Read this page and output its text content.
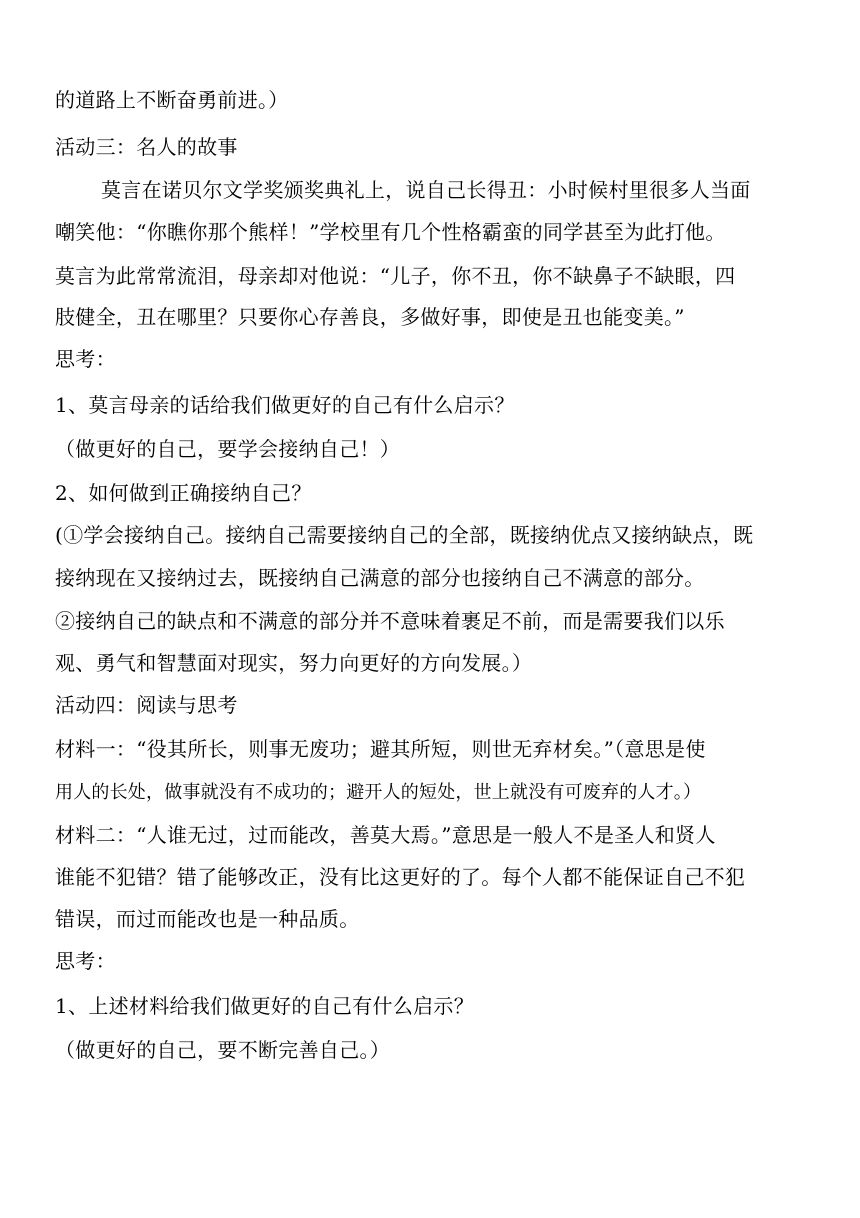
的道路上不断奋勇前进。）
活动三：名人的故事
莫言在诺贝尔文学奖颁奖典礼上，说自己长得丑：小时候村里很多人当面
嘲笑他：“你瞧你那个熊样！”学校里有几个性格霸蛮的同学甚至为此打他。
莫言为此常常流泪，母亲却对他说：“儿子，你不丑，你不缺鼻子不缺眼，四
肢健全，丑在哪里？只要你心存善良，多做好事，即使是丑也能变美。”
思考：
1、莫言母亲的话给我们做更好的自己有什么启示？
（做更好的自己，要学会接纳自己！）
2、如何做到正确接纳自己？
(①学会接纳自己。接纳自己需要接纳自己的全部，既接纳优点又接纳缺点，既
接纳现在又接纳过去，既接纳自己满意的部分也接纳自己不满意的部分。
②接纳自己的缺点和不满意的部分并不意味着裹足不前，而是需要我们以乐
观、勇气和智慧面对现实，努力向更好的方向发展。）
活动四：阅读与思考
材料一：“役其所长，则事无废功；避其所短，则世无弃材矣。”（意思是使
用人的长处，做事就没有不成功的；避开人的短处，世上就没有可废弃的人才。）
材料二：“人谁无过，过而能改，善莫大焉。”意思是一般人不是圣人和贤人
谁能不犯错？错了能够改正，没有比这更好的了。每个人都不能保证自己不犯
错误，而过而能改也是一种品质。
思考：
1、上述材料给我们做更好的自己有什么启示？
（做更好的自己，要不断完善自己。）
